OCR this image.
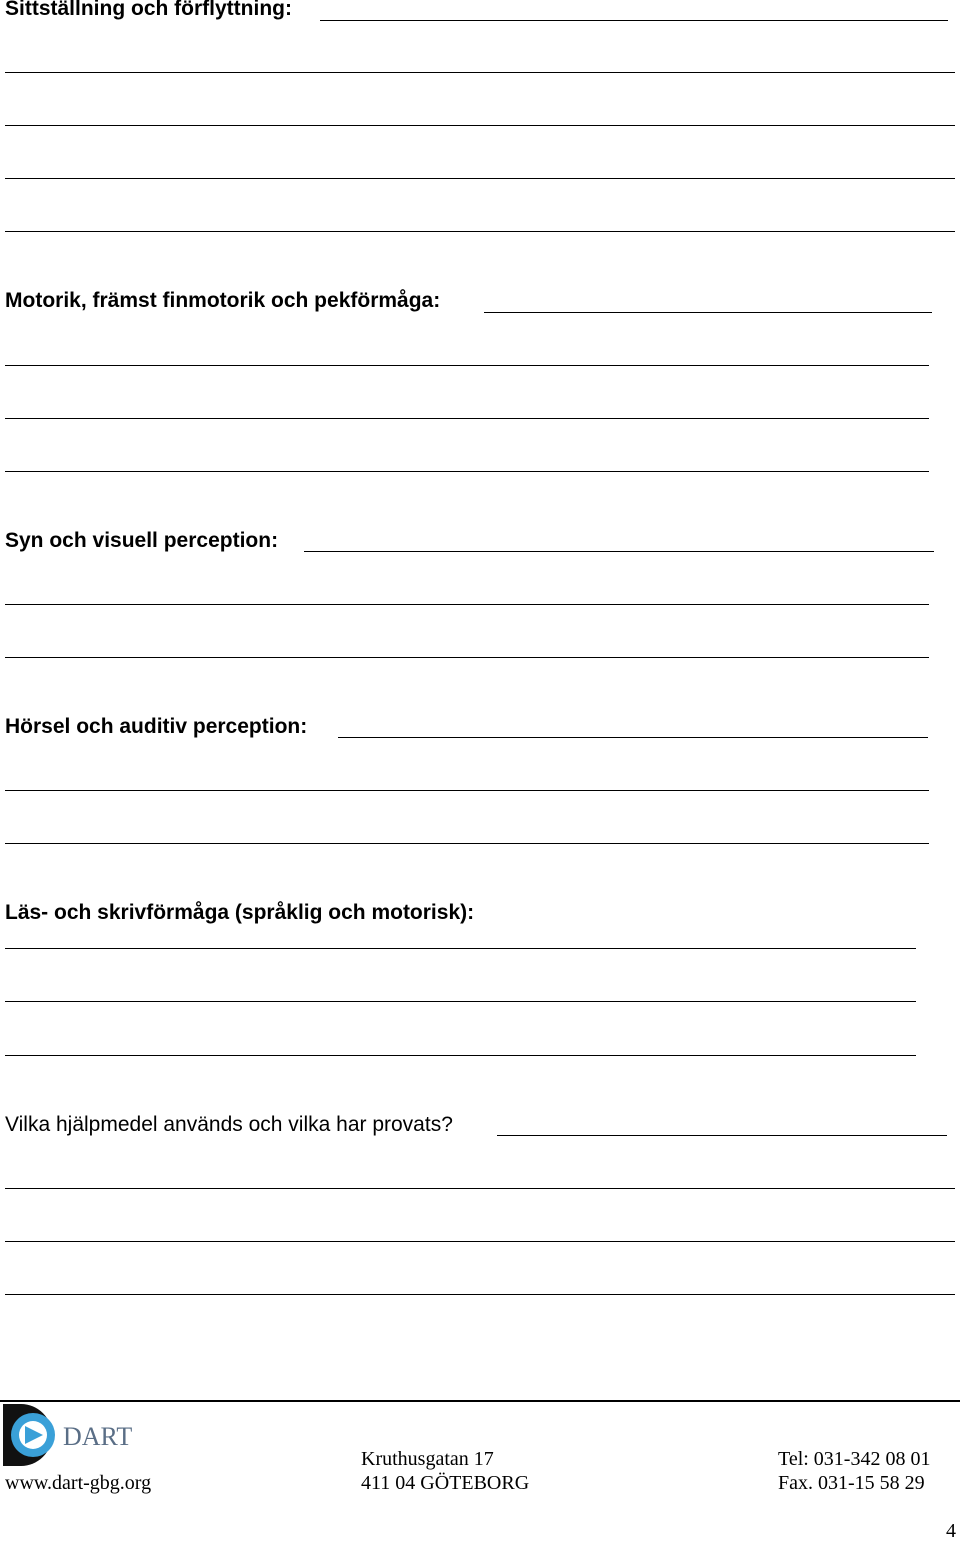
Sittställning och förflyttning:
Motorik, främst finmotorik och pekförmåga:
Syn och visuell perception:
Hörsel och auditiv perception:
Läs- och skrivförmåga (språklig och motorisk):
Vilka hjälpmedel används och vilka har provats?
DART
www.dart-gbg.org
Kruthusgatan 17
411 04 GÖTEBORG
Tel: 031-342 08 01
Fax. 031-15 58 29
4
